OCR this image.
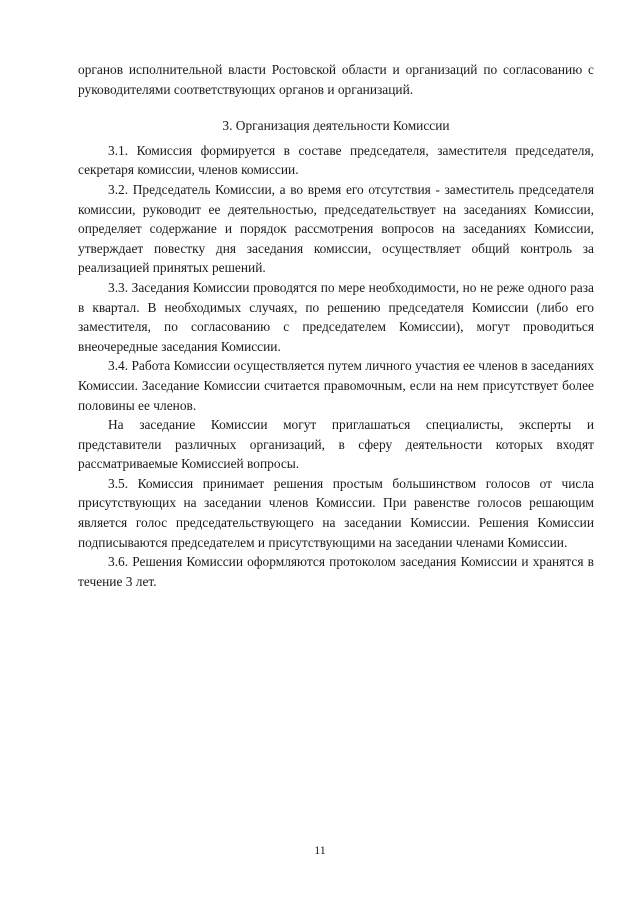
органов исполнительной власти Ростовской области и организаций по согласованию с руководителями соответствующих органов и организаций.

3. Организация деятельности Комиссии

3.1. Комиссия формируется в составе председателя, заместителя председателя, секретаря комиссии, членов комиссии.

3.2. Председатель Комиссии, а во время его отсутствия - заместитель председателя комиссии, руководит ее деятельностью, председательствует на заседаниях Комиссии, определяет содержание и порядок рассмотрения вопросов на заседаниях Комиссии, утверждает повестку дня заседания комиссии, осуществляет общий контроль за реализацией принятых решений.

3.3. Заседания Комиссии проводятся по мере необходимости, но не реже одного раза в квартал. В необходимых случаях, по решению председателя Комиссии (либо его заместителя, по согласованию с председателем Комиссии), могут проводиться внеочередные заседания Комиссии.

3.4. Работа Комиссии осуществляется путем личного участия ее членов в заседаниях Комиссии. Заседание Комиссии считается правомочным, если на нем присутствует более половины ее членов.

На заседание Комиссии могут приглашаться специалисты, эксперты и представители различных организаций, в сферу деятельности которых входят рассматриваемые Комиссией вопросы.

3.5. Комиссия принимает решения простым большинством голосов от числа присутствующих на заседании членов Комиссии. При равенстве голосов решающим является голос председательствующего на заседании Комиссии. Решения Комиссии подписываются председателем и присутствующими на заседании членами Комиссии.

3.6. Решения Комиссии оформляются протоколом заседания Комиссии и хранятся в течение 3 лет.

11
